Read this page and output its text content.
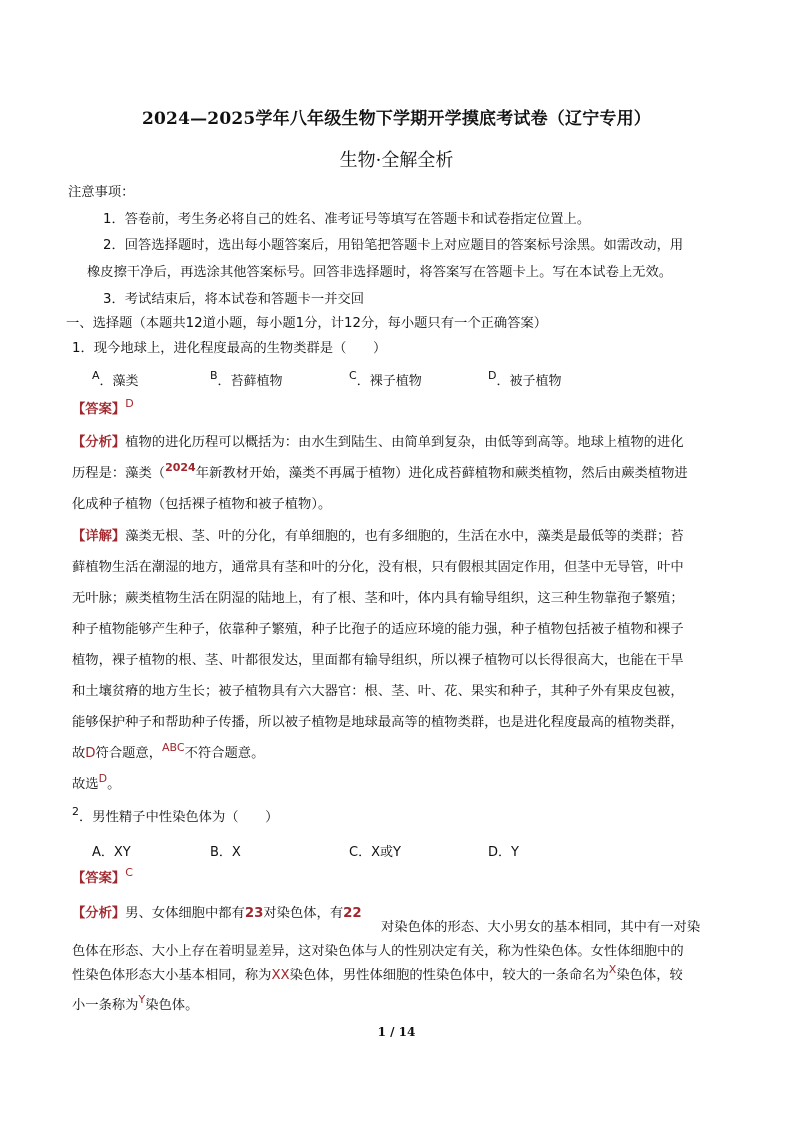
2024—2025学年八年级生物下学期开学摸底考试卷（辽宁专用）
生物·全解全析
注意事项：
1．答卷前，考生务必将自己的姓名、准考证号等填写在答题卡和试卷指定位置上。
2．回答选择题时，选出每小题答案后，用铅笔把答题卡上对应题目的答案标号涂黑。如需改动，用
橡皮擦干净后，再选涂其他答案标号。回答非选择题时，将答案写在答题卡上。写在本试卷上无效。
3．考试结束后，将本试卷和答题卡一并交回
一、选择题（本题共12道小题，每小题1分，计12分，每小题只有一个正确答案）
1．现今地球上，进化程度最高的生物类群是（　　）
$^A$．藻类	$^B$．苔藓植物	$^C$．裸子植物	$^D$．被子植物
【答案】$^D$
【分析】植物的进化历程可以概括为：由水生到陆生、由简单到复杂，由低等到高等。地球上植物的进化
历程是：藻类（$^{2024}$年新教材开始，藻类不再属于植物）进化成苔藓植物和蕨类植物，然后由蕨类植物进
化成种子植物（包括裸子植物和被子植物）。
【详解】藻类无根、茎、叶的分化，有单细胞的，也有多细胞的，生活在水中，藻类是最低等的类群；苔
藓植物生活在潮湿的地方，通常具有茎和叶的分化，没有根，只有假根其固定作用，但茎中无导管，叶中
无叶脉；蕨类植物生活在阴湿的陆地上，有了根、茎和叶，体内具有输导组织，这三种生物靠孢子繁殖；
种子植物能够产生种子，依靠种子繁殖，种子比孢子的适应环境的能力强，种子植物包括被子植物和裸子
植物，裸子植物的根、茎、叶都很发达，里面都有输导组织，所以裸子植物可以长得很高大，也能在干旱
和土壤贫瘠的地方生长；被子植物具有六大器官：根、茎、叶、花、果实和种子，其种子外有果皮包被，
能够保护种子和帮助种子传播，所以被子植物是地球最高等的植物类群，也是进化程度最高的植物类群，
故D符合题意，$^{ABC}$不符合题意。
故选$^D$。
$^2$．男性精子中性染色体为（　　）
A．XY	B．X	C．X或Y	D．Y
【答案】$^C$
【分析】男、女体细胞中都有23对染色体，有22
对染色体的形态、大小男女的基本相同，其中有一对染
色体在形态、大小上存在着明显差异，这对染色体与人的性别决定有关，称为性染色体。女性体细胞中的
性染色体形态大小基本相同，称为XX染色体，男性体细胞的性染色体中，较大的一条命名为$^X$染色体，较
小一条称为$^Y$染色体。
1 / 14
